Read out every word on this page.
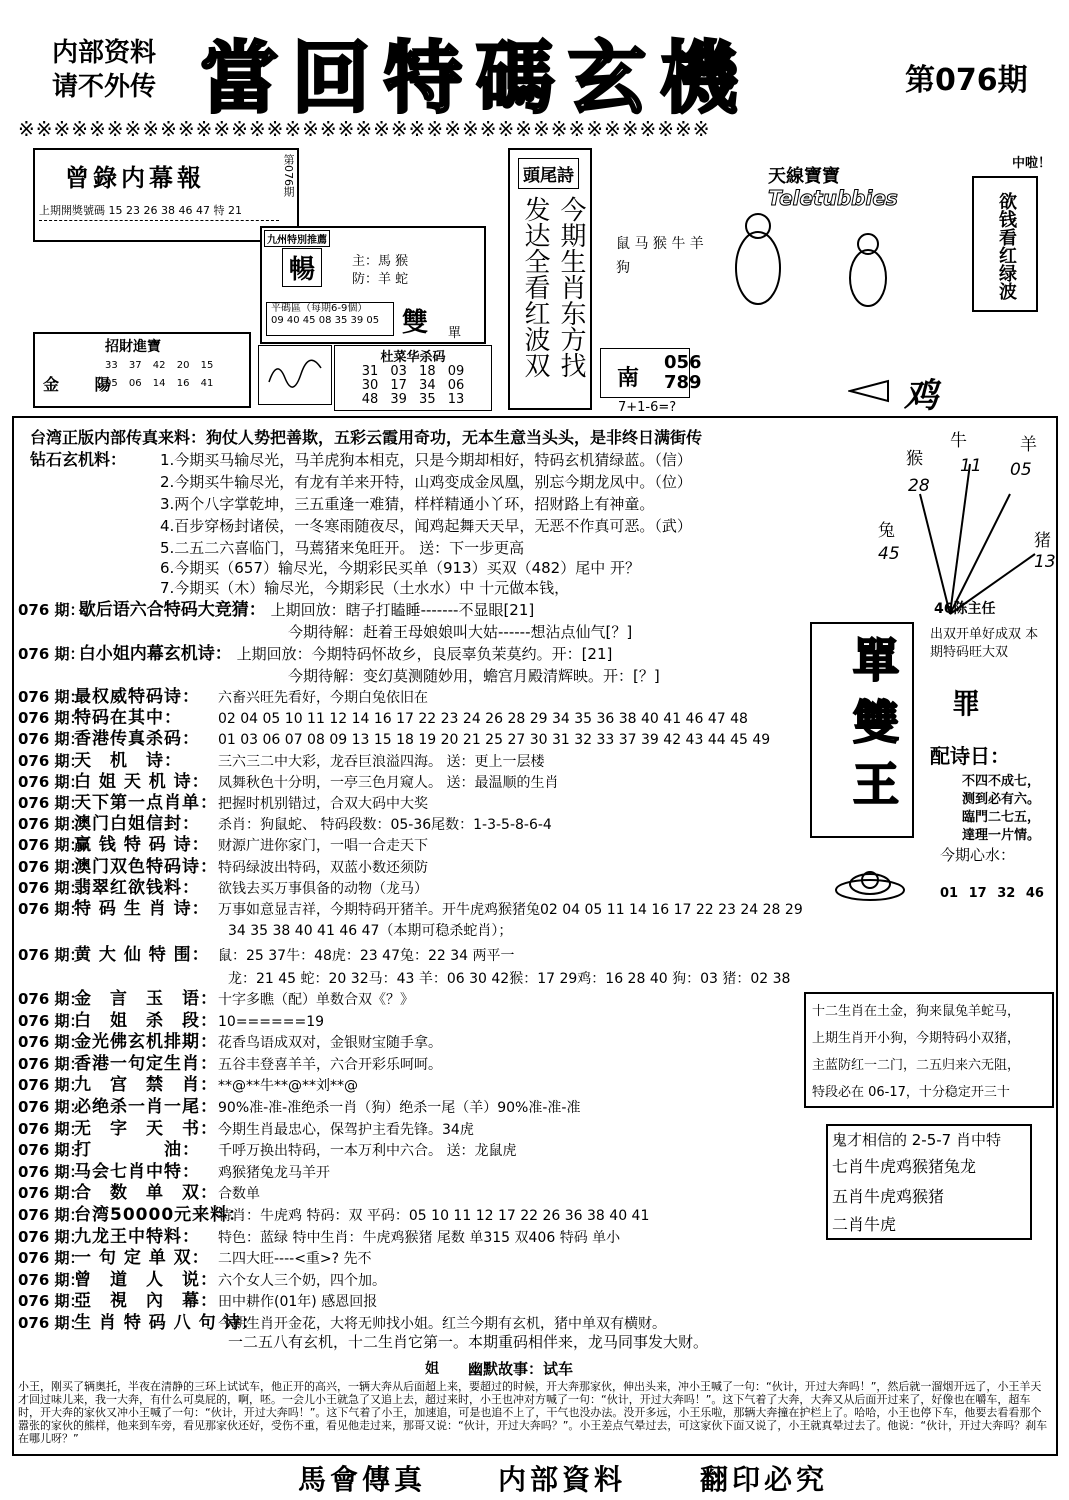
内部资料
请不外传 當回特碼玄機	第076期
※※※※※※※※※※※※※※※※※※※※※※※※※※※※※※※※※※※※※※※
曾錄内幕報	第076期
上期開獎號碼 15 23 26 38 46 47 特 21
九州特別推薦
暢	主：馬 猴
防：羊 蛇
平碼區（每期6-9個）
09 40 45 08 35 39 05 雙 單
杜菜华杀码
31 03 18 09
30 17 34 06
48 39 35 13
招財進寶
金 陽
33 37 42 20 15
05 06 14 16 41
頭尾詩
今期生肖东方找
发达全看红波双
天線寶寶
Teletubbies
鼠 马 猴 牛 羊 狗
南
056
789
7+1-6=?	鸡
中啦！
欲钱看红绿波
台湾正版内部传真来料：狗仗人势把善欺，五彩云霞用奇功，无本生意当头头，是非终日满街传
钻石玄机料： 1.今期买马输尽光，马羊虎狗本相克，只是今期却相好，特码玄机猜绿蓝。（信）
2.今期买牛输尽光，有龙有羊来开特，山鸡变成金凤凰，别忘今期龙凤中。（位）
3.两个八字掌乾坤，三五重逢一难猜，样样精通小丫环，招财路上有神童。
4.百步穿杨封诸侯，一冬寒雨随夜尽，闻鸡起舞天天早，无恶不作真可恶。（武）
5.二五二六喜临门，马蔫猪来兔旺开。 送：下一步更高
6.今期买（657）输尽光，今期彩民买单（913）买双（482）尾中 开？
7.今期买（木）输尽光，今期彩民（土水水）中 十元做本钱，
牛	羊
猴 11 05
28
兔	猪
45	13
46陈主任
076 期： 歇后语六合特码大竞猜： 上期回放：瞎子打瞌睡-------不显眼[21]
今期待解：赶着王母娘娘叫大姑------想沾点仙气[？]
076 期： 白小姐内幕玄机诗： 上期回放：今期特码怀故乡，良辰辜负茉莫约。开：[21]
今期待解：变幻莫测随妙用，蟾宫月殿清辉映。开：[？]
076 期：最权威特码诗： 六畜兴旺先看好，今期白兔依旧在
076 期：特码在其中：	02 04 05 10 11 12 14 16 17 22 23 24 26 28 29 34 35 36 38 40 41 46 47 48
076 期：香港传真杀码： 01 03 06 07 08 09 13 15 18 19 20 21 25 27 30 31 32 33 37 39 42 43 44 45 49
076 期：天　机　诗：	三六三二中大彩，龙吞巨浪溢四海。 送：更上一层楼
076 期：白 姐 天 机 诗： 凤舞秋色十分明，一亭三色月窥人。 送：最温顺的生肖
076 期：天下第一点肖单：把握时机别错过，合双大码中大奖
076 期：澳门白姐信封： 杀肖：狗鼠蛇、 特码段数：05-36尾数：1-3-5-8-6-4
076 期：赢 钱 特 码 诗： 财源广进你家门，一唱一合走天下
076 期：澳门双色特码诗：特码绿波出特码，双蓝小数还须防
076 期：翡翠红欲钱料： 欲钱去买万事俱备的动物（龙马）
076 期：特 码 生 肖 诗： 万事如意显吉祥，今期特码开猪羊。开牛虎鸡猴猪兔02 04 05 11 14 16 17 22 23 24 28 29
34 35 38 40 41 46 47（本期可稳杀蛇肖）；
076 期：黄 大 仙 特 围： 鼠：25 37牛：48虎：23 47兔：22 34 两平一
龙：21 45 蛇：20 32马：43 羊：06 30 42猴：17 29鸡：16 28 40 狗：03 猪：02 38
076 期：金　言　玉　语：十字多瞧（配）单数合双《？》
076 期：白　姐　杀　段：10======19
076 期：金光佛玄机排期：花香鸟语成双对，金银财宝随手拿。
076 期：香港一句定生肖：五谷丰登喜羊羊，六合开彩乐呵呵。
076 期：九　宫　禁　肖：**@**牛**@**刘**@
076 期：必绝杀一肖一尾：90%准-准-准绝杀一肖（狗）绝杀一尾（羊）90%准-准-准
076 期：无　字　天　书：今期生肖最忠心，保驾护主看先锋。34虎
076 期：打　　　　油： 千呼万换出特码，一本万利中六合。 送：龙鼠虎
076 期：马会七肖中特： 鸡猴猪兔龙马羊开
076 期：合　数　单　双：合数单
076 期：台湾50000元来料：特肖：牛虎鸡 特码：双 平码：05 10 11 12 17 22 26 36 38 40 41
076 期：九龙王中特料： 特色：蓝绿 特中生肖：牛虎鸡猴猪 尾数 单315 双406 特码 单小
076 期：一 句 定 单 双： 二四大旺----<重>? 先不
076 期：曾　道　人　说：六个女人三个奶，四个加。
076 期：亞　視　內　幕：田中耕作(01年) 感恩回报
076 期：生 肖 特 码 八 句 诗：今期生肖开金花，大将无帅找小姐。红兰今期有玄机，猪中单双有横财。
一二五八有玄机，十二生肖它第一。本期重码相伴来，龙马同事发大财。
單雙王
出双开单好成双 本期特码旺大双
罪
配诗日：
不四不成七，
测到必有六。
臨門二七五，
達理一片情。
今期心水：
01 17 32 46
十二生肖在土金，狗来鼠兔羊蛇马，
上期生肖开小狗，今期特码小双猪，
主蓝防红一二门，二五归来六无阻，
特段必在 06-17，十分稳定开三十
鬼才相信的 2-5-7 肖中特
七肖牛虎鸡猴猪兔龙
五肖牛虎鸡猴猪
二肖牛虎
姐 幽默故事：试车
小王，刚买了辆奥托，半夜在清静的三环上试试车，他正开的高兴，一辆大奔从后面超上来，要超过的时候，开大奔那家伙，伸出头来，冲小王喊了一句：“伙计，开过大奔吗！”，然后就一溜烟开远了，小王羊天才回过味儿来，我一大奔，有什么可臭屁的，啊，呸。一会儿小王就急了又追上去，超过来时，小王也冲对方喊了一句：“伙计，开过大奔吗！”。这下气着了大奔，大奔又从后面开过来了，好像也在嚼车，超车时，开大奔的家伙又冲小王喊了一句：“伙计，开过大奔吗！”。这下气着了小王，加速追，可是也追不上了，干气也没办法。没开多远，小王乐啦，那辆大奔撞在护栏上了。哈哈，小王也停下车，他要去看看那个嚣张的家伙的熊样，他来到车旁，看见那家伙还好，受伤不重，看见他走过来，那哥又说：“伙计，开过大奔吗？”。小王差点气晕过去，可这家伙下面又说了，小王就真晕过去了。他说：“伙计，开过大奔吗？刹车在哪儿呀？”
馬會傳真	内部資料	翻印必究
